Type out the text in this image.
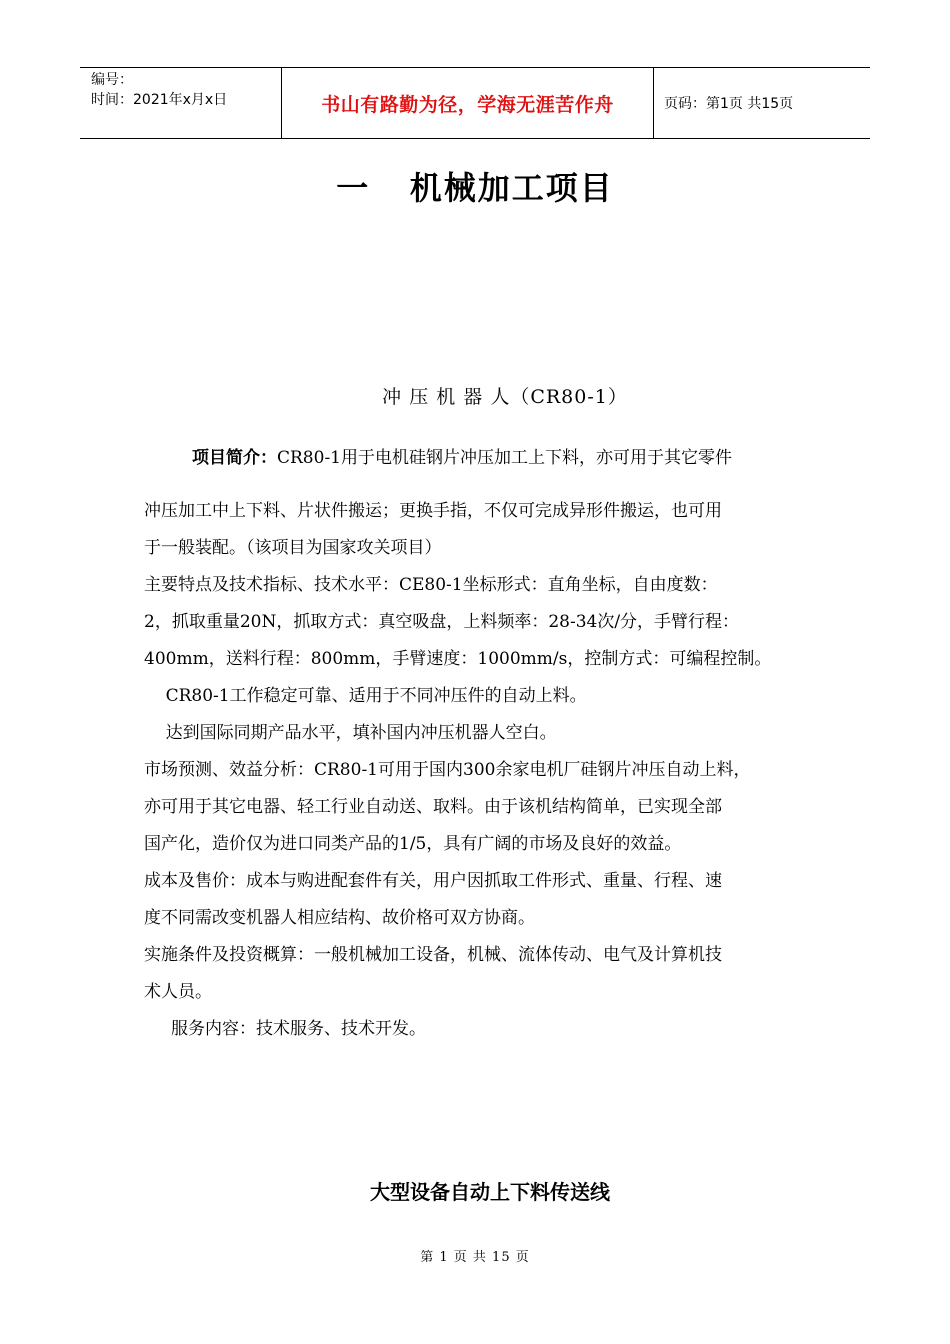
编号：
时间：2021年x月x日	书山有路勤为径，学海无涯苦作舟	页码：第1页 共15页
一   机械加工项目
冲 压 机 器 人（CR80-1）
项目简介：CR80-1用于电机硅钢片冲压加工上下料，亦可用于其它零件
冲压加工中上下料、片状件搬运；更换手指，不仅可完成异形件搬运，也可用
于一般装配。（该项目为国家攻关项目）
主要特点及技术指标、技术水平：CE80-1坐标形式：直角坐标，自由度数：
2，抓取重量20N，抓取方式：真空吸盘，上料频率：28-34次/分，手臂行程：
400mm，送料行程：800mm，手臂速度：1000mm/s，控制方式：可编程控制。
CR80-1工作稳定可靠、适用于不同冲压件的自动上料。
达到国际同期产品水平，填补国内冲压机器人空白。
市场预测、效益分析：CR80-1可用于国内300余家电机厂硅钢片冲压自动上料，
亦可用于其它电器、轻工行业自动送、取料。由于该机结构简单，已实现全部
国产化，造价仅为进口同类产品的1/5，具有广阔的市场及良好的效益。
成本及售价：成本与购进配套件有关，用户因抓取工件形式、重量、行程、速
度不同需改变机器人相应结构、故价格可双方协商。
实施条件及投资概算：一般机械加工设备，机械、流体传动、电气及计算机技
术人员。
服务内容：技术服务、技术开发。
大型设备自动上下料传送线
第 1 页 共 15 页
